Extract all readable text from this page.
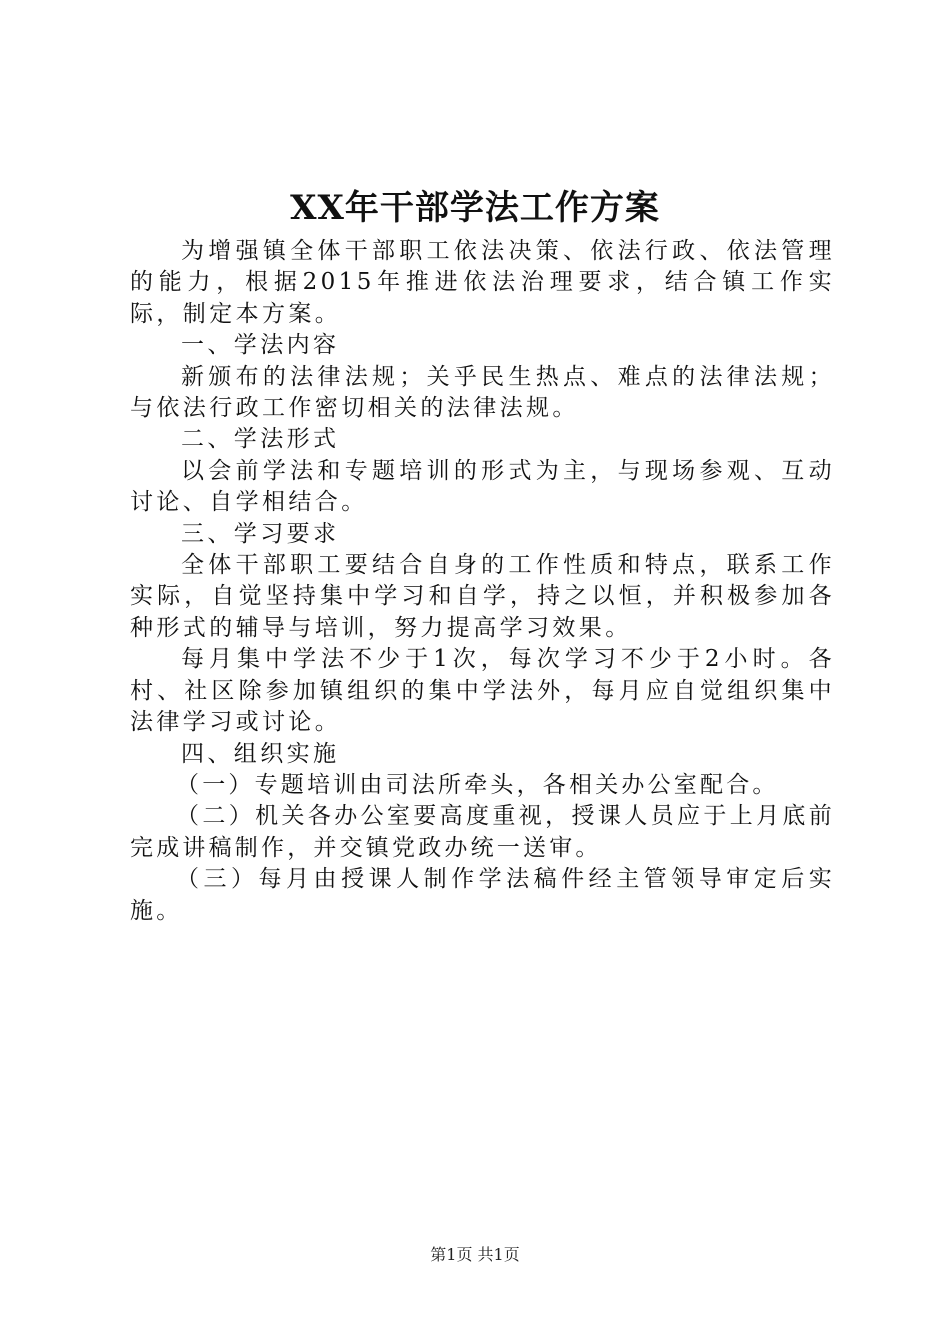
XX年干部学法工作方案

为增强镇全体干部职工依法决策、依法行政、依法管理的能力，根据2015年推进依法治理要求，结合镇工作实际，制定本方案。

一、学法内容

新颁布的法律法规；关乎民生热点、难点的法律法规；与依法行政工作密切相关的法律法规。

二、学法形式

以会前学法和专题培训的形式为主，与现场参观、互动讨论、自学相结合。

三、学习要求

全体干部职工要结合自身的工作性质和特点，联系工作实际，自觉坚持集中学习和自学，持之以恒，并积极参加各种形式的辅导与培训，努力提高学习效果。

每月集中学法不少于1次，每次学习不少于2小时。各村、社区除参加镇组织的集中学法外，每月应自觉组织集中法律学习或讨论。

四、组织实施

（一）专题培训由司法所牵头，各相关办公室配合。

（二）机关各办公室要高度重视，授课人员应于上月底前完成讲稿制作，并交镇党政办统一送审。

（三）每月由授课人制作学法稿件经主管领导审定后实施。

第1页 共1页
